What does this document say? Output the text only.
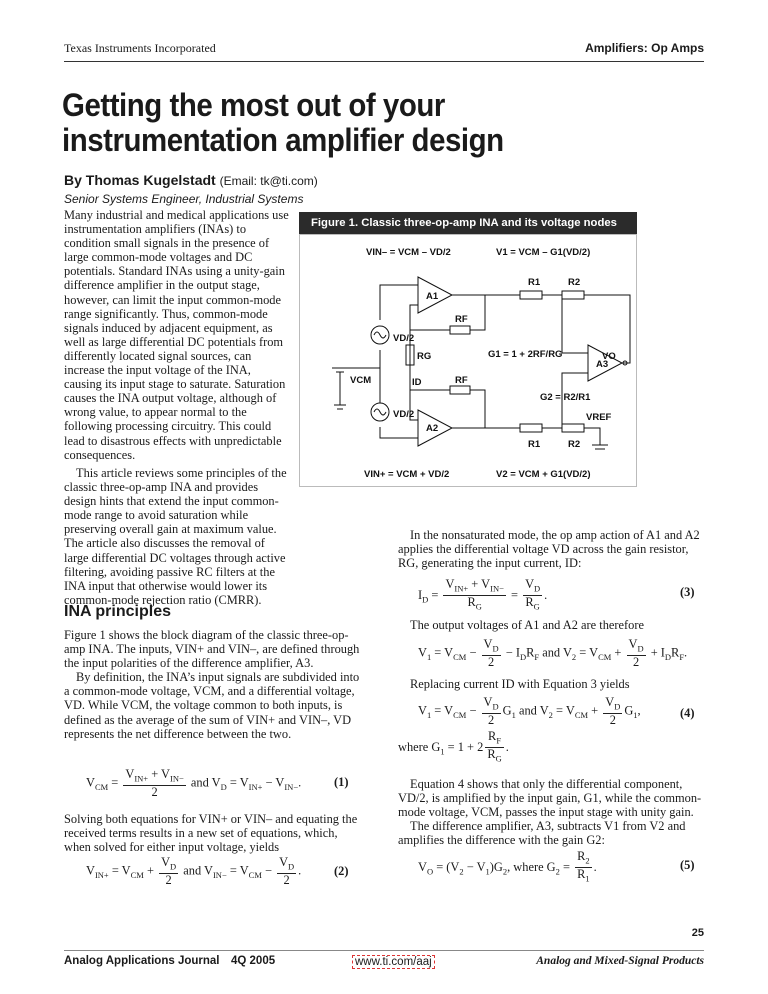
Texas Instruments Incorporated	Amplifiers: Op Amps
Getting the most out of your instrumentation amplifier design
By Thomas Kugelstadt (Email: tk@ti.com)
Senior Systems Engineer, Industrial Systems

Many industrial and medical applications use instrumentation amplifiers (INAs) to condition small signals in the presence of large common-mode voltages and DC potentials. Standard INAs using a unity-gain difference amplifier in the output stage, however, can limit the input common-mode range significantly. Thus, common-mode signals induced by adjacent equipment, as well as large differential DC potentials from differently located signal sources, can increase the input voltage of the INA, causing its input stage to saturate. Saturation causes the INA output voltage, although of wrong value, to appear normal to the following processing circuitry. This could lead to disastrous effects with unpredictable consequences.

This article reviews some principles of the classic three-op-amp INA and provides design hints that extend the input common-mode range to avoid saturation while preserving overall gain at maximum value. The article also discusses the removal of large differential DC voltages through active filtering, avoiding passive RC filters at the INA input that otherwise would lower its common-mode rejection ratio (CMRR).

Figure 1. Classic three-op-amp INA and its voltage nodes
VIN– = VCM – VD/2	V1 = VCM – G1(VD/2)
R1	R2
A1
VD/2
RF
RG	G1 = 1 + 2RF/RG
A3
VO
VCM	ID	RF
G2 = R2/R1
VD/2
A2
R1	R2
VREF
VIN+ = VCM + VD/2	V2 = VCM + G1(VD/2)
INA principles

Figure 1 shows the block diagram of the classic three-op-amp INA. The inputs, VIN+ and VIN–, are defined through the input polarities of the difference amplifier, A3.

By definition, the INA’s input signals are subdivided into a common-mode voltage, VCM, and a differential voltage, VD. While VCM, the voltage common to both inputs, is defined as the average of the sum of VIN+ and VIN–, VD represents the net difference between the two.

$V_{CM} = \frac{V_{IN+} + V_{IN-}}{2}$ and $V_D = V_{IN+} - V_{IN-}$.	(1)

Solving both equations for VIN+ or VIN– and equating the received terms results in a new set of equations, which, when solved for either input voltage, yields

$V_{IN+} = V_{CM} + \frac{V_D}{2}$ and $V_{IN-} = V_{CM} - \frac{V_D}{2}$ .	(2)

In the nonsaturated mode, the op amp action of A1 and A2 applies the differential voltage VD across the gain resistor, RG, generating the input current, ID:

$I_D = \frac{V_{IN+} + V_{IN-}}{R_G} = \frac{V_D}{R_G}$ .	(3)

The output voltages of A1 and A2 are therefore

$V_1 = V_{CM} - \frac{V_D}{2} - I_DR_F$ and $V_2 = V_{CM} + \frac{V_D}{2} + I_DR_F$.

Replacing current ID with Equation 3 yields

$V_1 = V_{CM} - \frac{V_D}{2} G_1$ and $V_2 = V_{CM} + \frac{V_D}{2} G_1$,	(4)
where $G_1 = 1 + 2 \frac{R_F}{R_G}$ .

Equation 4 shows that only the differential component, VD/2, is amplified by the input gain, G1, while the common-mode voltage, VCM, passes the input stage with unity gain.

The difference amplifier, A3, subtracts V1 from V2 and amplifies the difference with the gain G2:

$V_O = (V_2 - V_1)G_2$, where $G_2 = \frac{R_2}{R_1}$ .	(5)
25
Analog Applications Journal 4Q 2005	www.ti.com/aaj	Analog and Mixed-Signal Products
